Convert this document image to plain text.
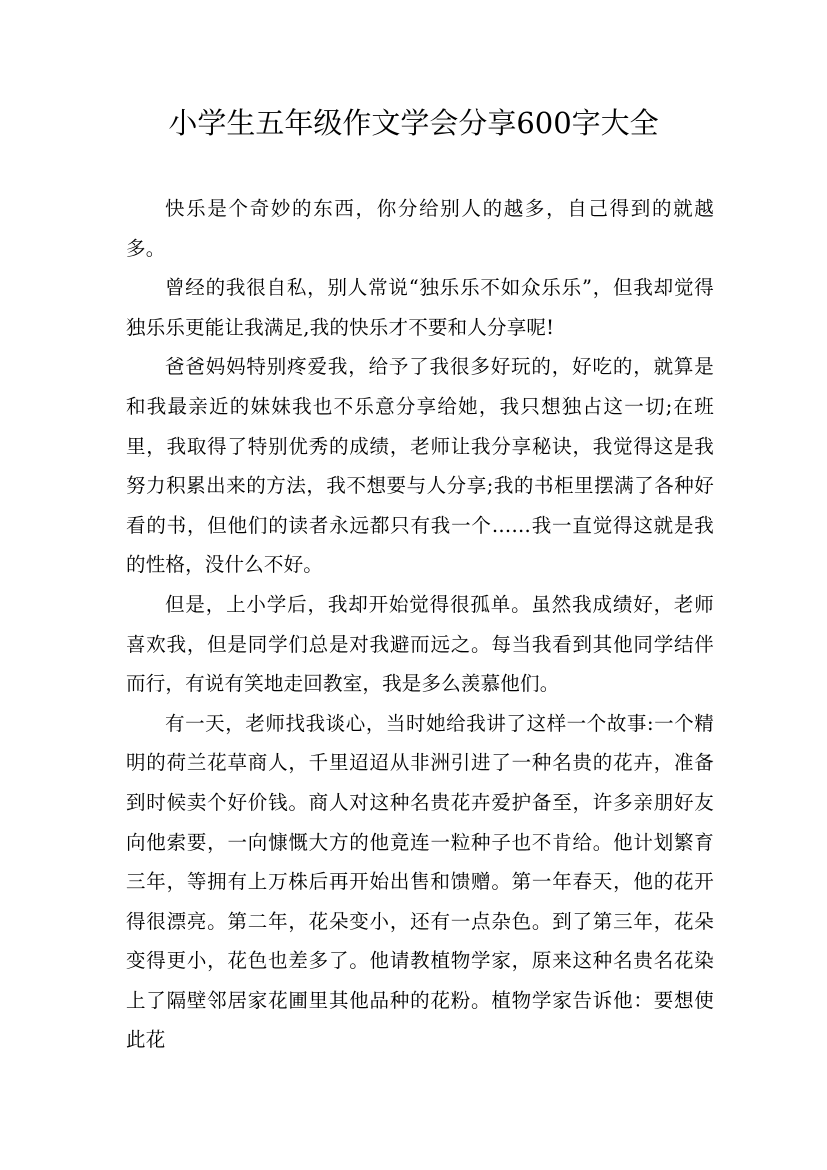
小学生五年级作文学会分享600字大全

快乐是个奇妙的东西，你分给别人的越多，自己得到的就越多。

曾经的我很自私，别人常说“独乐乐不如众乐乐”，但我却觉得独乐乐更能让我满足,我的快乐才不要和人分享呢!

爸爸妈妈特别疼爱我，给予了我很多好玩的，好吃的，就算是和我最亲近的妹妹我也不乐意分享给她，我只想独占这一切;在班里，我取得了特别优秀的成绩，老师让我分享秘诀，我觉得这是我努力积累出来的方法，我不想要与人分享;我的书柜里摆满了各种好看的书，但他们的读者永远都只有我一个……我一直觉得这就是我的性格，没什么不好。

但是，上小学后，我却开始觉得很孤单。虽然我成绩好，老师喜欢我，但是同学们总是对我避而远之。每当我看到其他同学结伴而行，有说有笑地走回教室，我是多么羡慕他们。

有一天，老师找我谈心，当时她给我讲了这样一个故事:一个精明的荷兰花草商人，千里迢迢从非洲引进了一种名贵的花卉，准备到时候卖个好价钱。商人对这种名贵花卉爱护备至，许多亲朋好友向他索要，一向慷慨大方的他竟连一粒种子也不肯给。他计划繁育三年，等拥有上万株后再开始出售和馈赠。第一年春天，他的花开得很漂亮。第二年，花朵变小，还有一点杂色。到了第三年，花朵变得更小，花色也差多了。他请教植物学家，原来这种名贵名花染上了隔壁邻居家花圃里其他品种的花粉。植物学家告诉他：要想使此花
